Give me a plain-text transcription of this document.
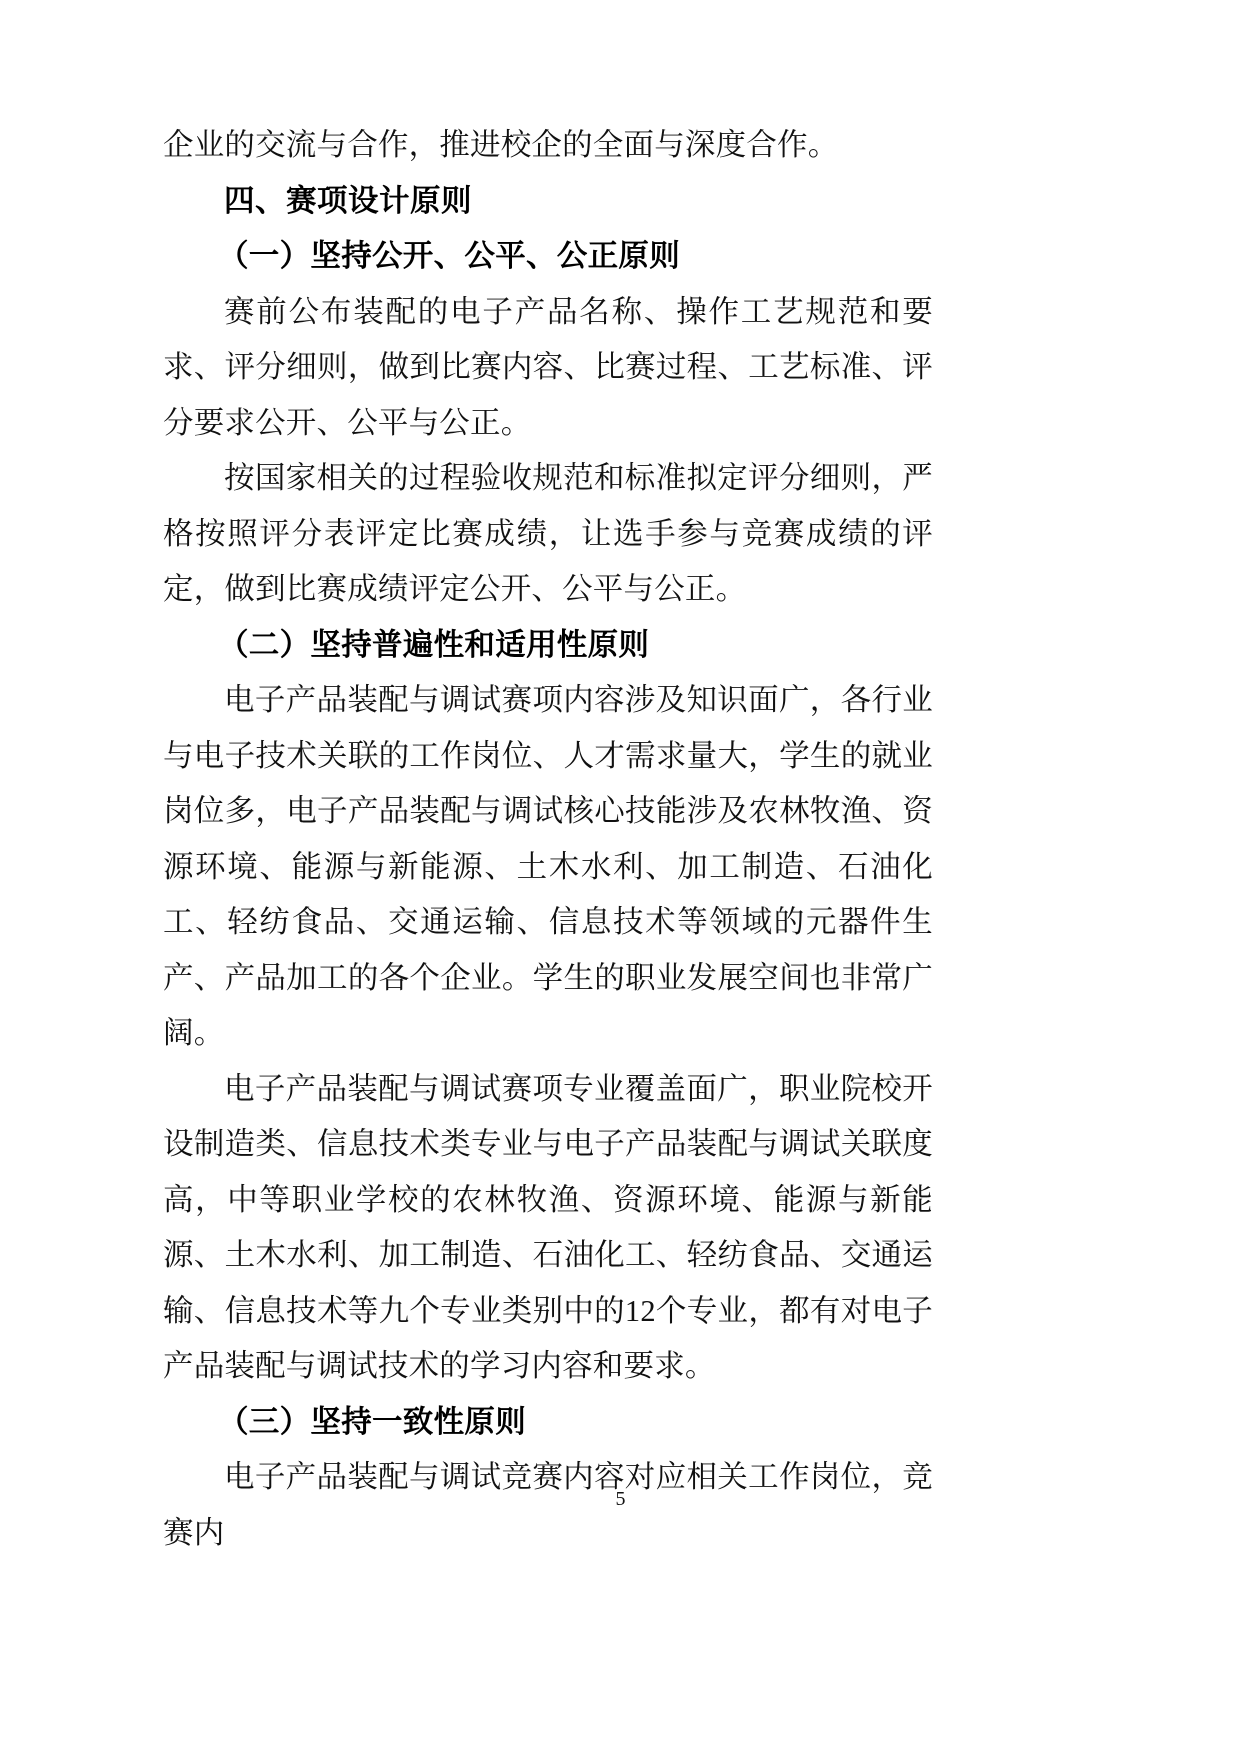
企业的交流与合作，推进校企的全面与深度合作。

四、赛项设计原则
（一）坚持公开、公平、公正原则

赛前公布装配的电子产品名称、操作工艺规范和要求、评分细则，做到比赛内容、比赛过程、工艺标准、评分要求公开、公平与公正。

按国家相关的过程验收规范和标准拟定评分细则，严格按照评分表评定比赛成绩，让选手参与竞赛成绩的评定，做到比赛成绩评定公开、公平与公正。

（二）坚持普遍性和适用性原则

电子产品装配与调试赛项内容涉及知识面广，各行业与电子技术关联的工作岗位、人才需求量大，学生的就业岗位多，电子产品装配与调试核心技能涉及农林牧渔、资源环境、能源与新能源、土木水利、加工制造、石油化工、轻纺食品、交通运输、信息技术等领域的元器件生产、产品加工的各个企业。学生的职业发展空间也非常广阔。

电子产品装配与调试赛项专业覆盖面广，职业院校开设制造类、信息技术类专业与电子产品装配与调试关联度高，中等职业学校的农林牧渔、资源环境、能源与新能源、土木水利、加工制造、石油化工、轻纺食品、交通运输、信息技术等九个专业类别中的12个专业，都有对电子产品装配与调试技术的学习内容和要求。

（三）坚持一致性原则

电子产品装配与调试竞赛内容对应相关工作岗位，竞赛内

5
